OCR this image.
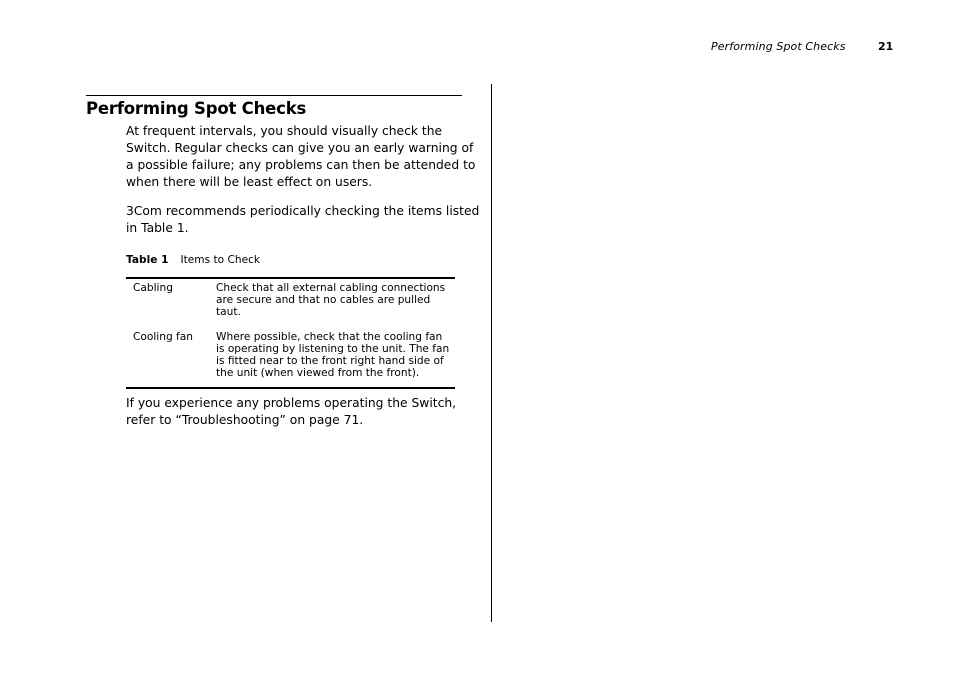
Performing Spot Checks	21
Performing Spot Checks

At frequent intervals, you should visually check the
Switch. Regular checks can give you an early warning of
a possible failure; any problems can then be attended to
when there will be least effect on users.

3Com recommends periodically checking the items listed
in Table 1.

Table 1 Items to Check
Cabling	Check that all external cabling connections
are secure and that no cables are pulled
taut.
Cooling fan Where possible, check that the cooling fan
is operating by listening to the unit. The fan
is fitted near to the front right hand side of
the unit (when viewed from the front).

If you experience any problems operating the Switch,
refer to “Troubleshooting” on page 71.
